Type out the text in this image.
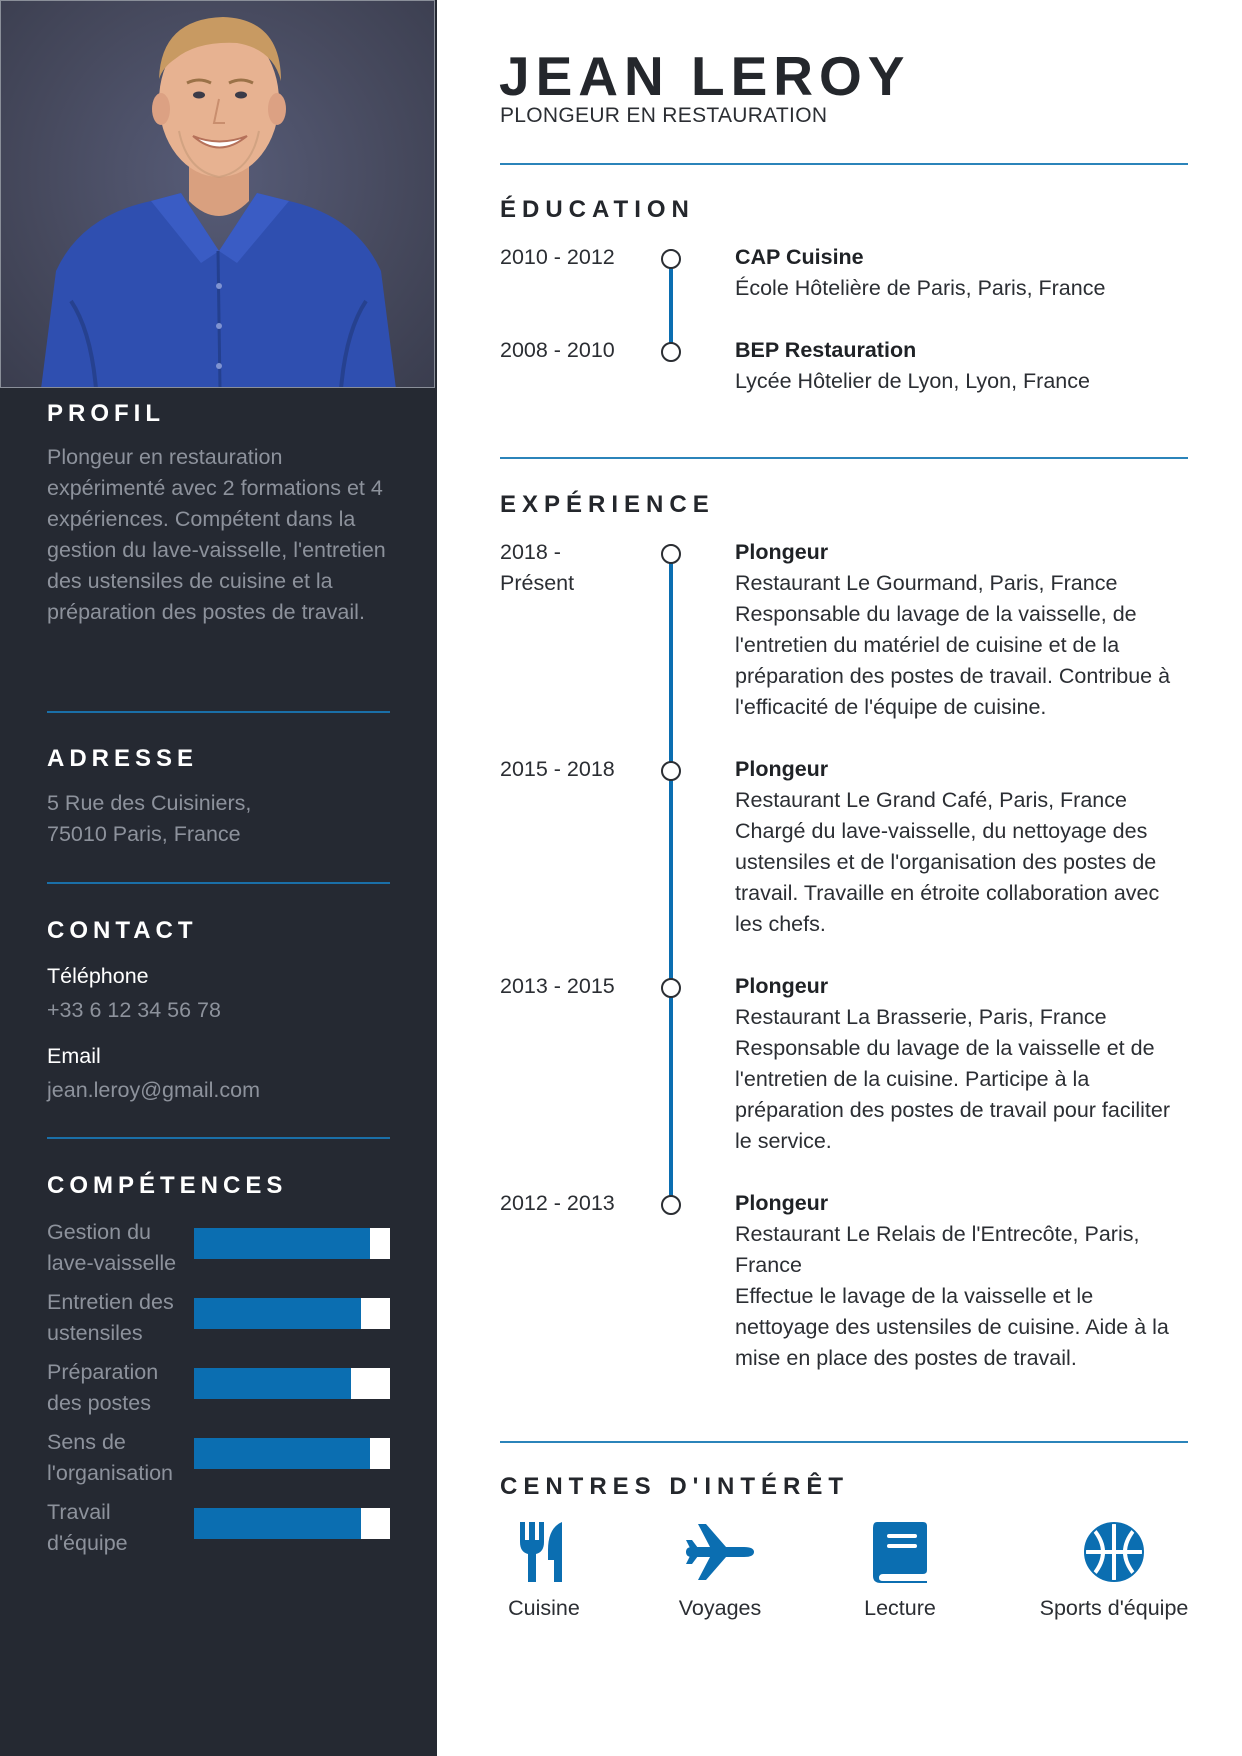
PROFIL
Plongeur en restauration expérimenté avec 2 formations et 4 expériences. Compétent dans la gestion du lave-vaisselle, l'entretien des ustensiles de cuisine et la préparation des postes de travail.
ADRESSE
5 Rue des Cuisiniers,
75010 Paris, France
CONTACT
Téléphone
+33 6 12 34 56 78
Email
jean.leroy@gmail.com
COMPÉTENCES
Gestion du
lave-vaisselle
Entretien des
ustensiles
Préparation
des postes
Sens de
l'organisation
Travail
d'équipe
JEAN LEROY
PLONGEUR EN RESTAURATION
ÉDUCATION
2010 - 2012	CAP Cuisine
École Hôtelière de Paris, Paris, France
2008 - 2010	BEP Restauration
Lycée Hôtelier de Lyon, Lyon, France
EXPÉRIENCE
2018 -
Présent
Plongeur
Restaurant Le Gourmand, Paris, France
Responsable du lavage de la vaisselle, de l'entretien du matériel de cuisine et de la préparation des postes de travail. Contribue à l'efficacité de l'équipe de cuisine.
2015 - 2018	Plongeur
Restaurant Le Grand Café, Paris, France
Chargé du lave-vaisselle, du nettoyage des ustensiles et de l'organisation des postes de travail. Travaille en étroite collaboration avec les chefs.
2013 - 2015	Plongeur
Restaurant La Brasserie, Paris, France
Responsable du lavage de la vaisselle et de l'entretien de la cuisine. Participe à la préparation des postes de travail pour faciliter le service.
2012 - 2013	Plongeur
Restaurant Le Relais de l'Entrecôte, Paris, France
Effectue le lavage de la vaisselle et le nettoyage des ustensiles de cuisine. Aide à la mise en place des postes de travail.
CENTRES D'INTÉRÊT
Cuisine	Voyages	Lecture	Sports d'équipe
